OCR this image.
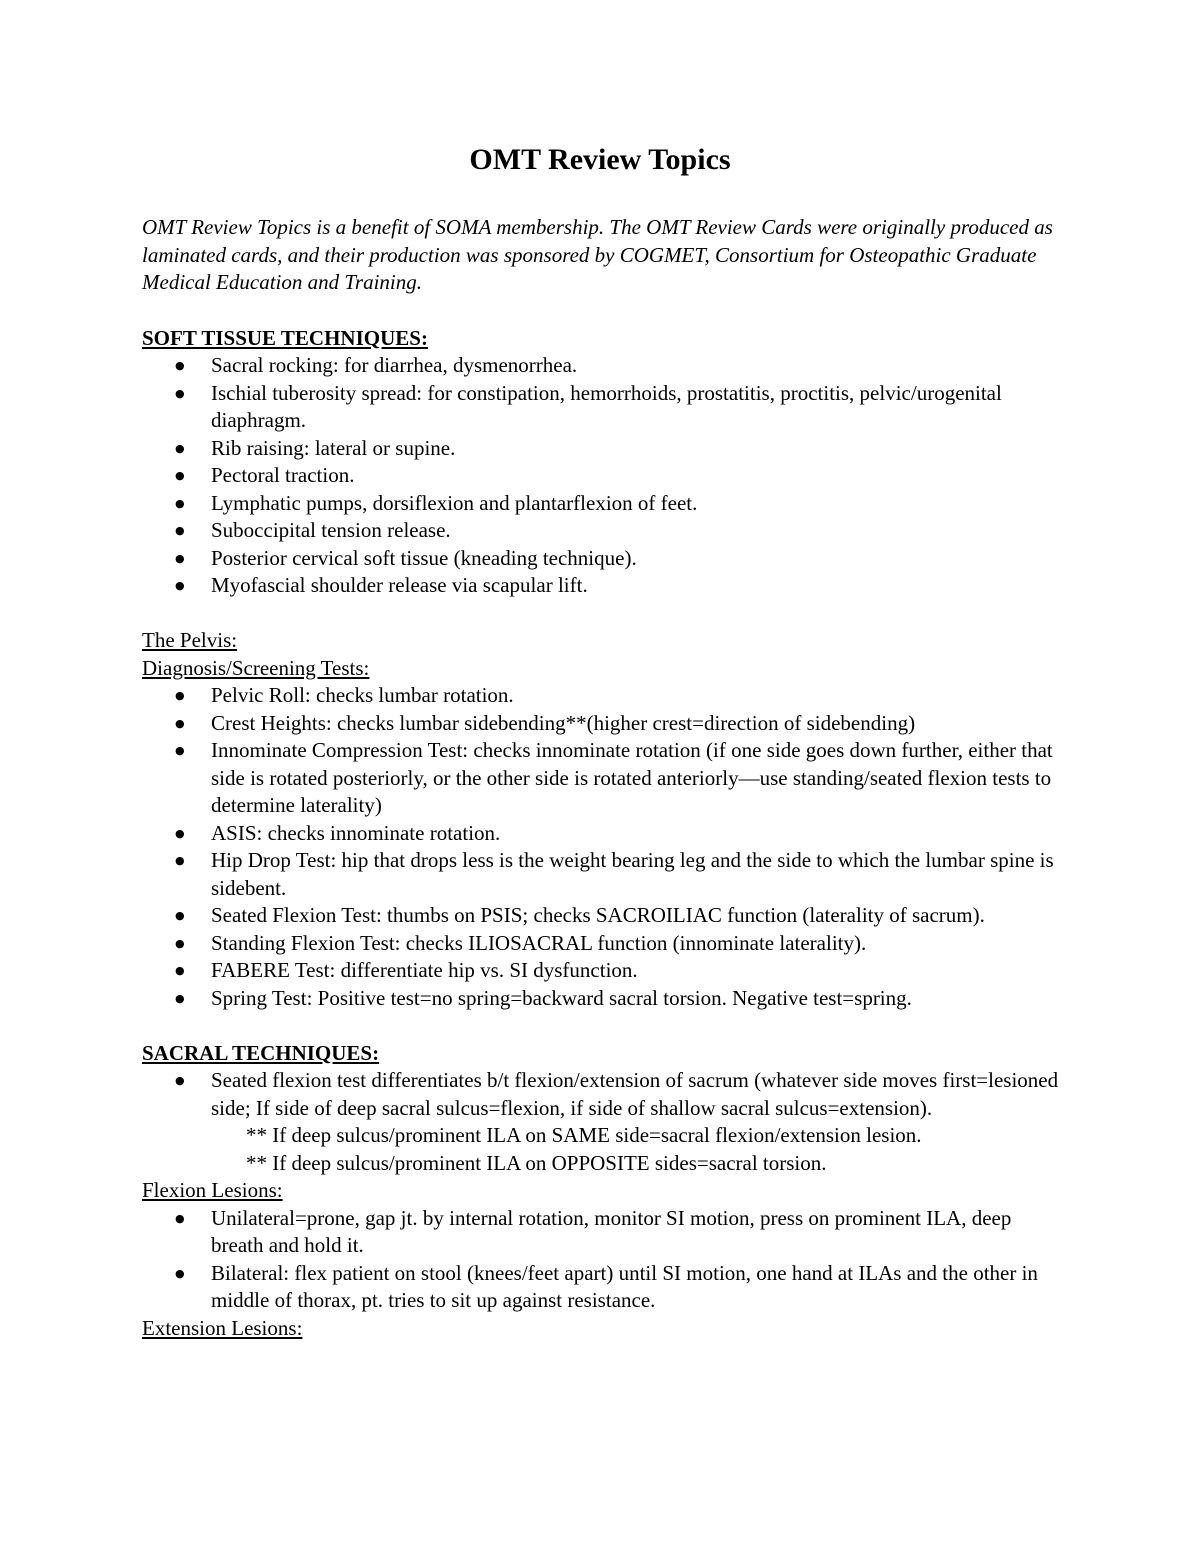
OMT Review Topics

OMT Review Topics is a benefit of SOMA membership. The OMT Review Cards were originally produced as laminated cards, and their production was sponsored by COGMET, Consortium for Osteopathic Graduate Medical Education and Training.

SOFT TISSUE TECHNIQUES:

● Sacral rocking: for diarrhea, dysmenorrhea.
● Ischial tuberosity spread: for constipation, hemorrhoids, prostatitis, proctitis, pelvic/urogenital diaphragm.
● Rib raising: lateral or supine.
● Pectoral traction.
● Lymphatic pumps, dorsiflexion and plantarflexion of feet.
● Suboccipital tension release.
● Posterior cervical soft tissue (kneading technique).
● Myofascial shoulder release via scapular lift.

The Pelvis:

Diagnosis/Screening Tests:

● Pelvic Roll: checks lumbar rotation.
● Crest Heights: checks lumbar sidebending**(higher crest=direction of sidebending)
● Innominate Compression Test: checks innominate rotation (if one side goes down further, either that side is rotated posteriorly, or the other side is rotated anteriorly—use standing/seated flexion tests to determine laterality)
● ASIS: checks innominate rotation.
● Hip Drop Test: hip that drops less is the weight bearing leg and the side to which the lumbar spine is sidebent.
● Seated Flexion Test: thumbs on PSIS; checks SACROILIAC function (laterality of sacrum).
● Standing Flexion Test: checks ILIOSACRAL function (innominate laterality).
● FABERE Test: differentiate hip vs. SI dysfunction.
● Spring Test: Positive test=no spring=backward sacral torsion. Negative test=spring.

SACRAL TECHNIQUES:

● Seated flexion test differentiates b/t flexion/extension of sacrum (whatever side moves first=lesioned side; If side of deep sacral sulcus=flexion, if side of shallow sacral sulcus=extension).

** If deep sulcus/prominent ILA on SAME side=sacral flexion/extension lesion.

** If deep sulcus/prominent ILA on OPPOSITE sides=sacral torsion.

Flexion Lesions:

● Unilateral=prone, gap jt. by internal rotation, monitor SI motion, press on prominent ILA, deep breath and hold it.
● Bilateral: flex patient on stool (knees/feet apart) until SI motion, one hand at ILAs and the other in middle of thorax, pt. tries to sit up against resistance.

Extension Lesions:
